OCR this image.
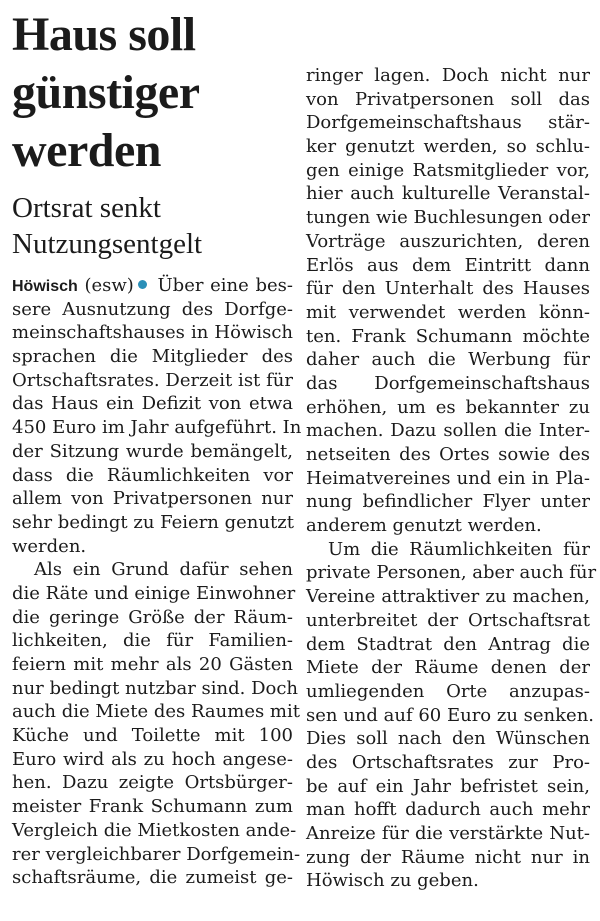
Haus soll
günstiger
werden
Ortsrat senkt
Nutzungsentgelt
Höwisch (esw) Über eine bes-
sere Ausnutzung des Dorfge-
meinschaftshauses in Höwisch
sprachen die Mitglieder des
Ortschaftsrates. Derzeit ist für
das Haus ein Defizit von etwa
450 Euro im Jahr aufgeführt. In
der Sitzung wurde bemängelt,
dass die Räumlichkeiten vor
allem von Privatpersonen nur
sehr bedingt zu Feiern genutzt
werden.
Als ein Grund dafür sehen
die Räte und einige Einwohner
die geringe Größe der Räum-
lichkeiten, die für Familien-
feiern mit mehr als 20 Gästen
nur bedingt nutzbar sind. Doch
auch die Miete des Raumes mit
Küche und Toilette mit 100
Euro wird als zu hoch angese-
hen. Dazu zeigte Ortsbürger-
meister Frank Schumann zum
Vergleich die Mietkosten ande-
rer vergleichbarer Dorfgemein-
schaftsräume, die zumeist ge-
ringer lagen. Doch nicht nur
von Privatpersonen soll das
Dorfgemeinschaftshaus stär-
ker genutzt werden, so schlu-
gen einige Ratsmitglieder vor,
hier auch kulturelle Veranstal-
tungen wie Buchlesungen oder
Vorträge auszurichten, deren
Erlös aus dem Eintritt dann
für den Unterhalt des Hauses
mit verwendet werden könn-
ten. Frank Schumann möchte
daher auch die Werbung für
das Dorfgemeinschaftshaus
erhöhen, um es bekannter zu
machen. Dazu sollen die Inter-
netseiten des Ortes sowie des
Heimatvereines und ein in Pla-
nung befindlicher Flyer unter
anderem genutzt werden.
Um die Räumlichkeiten für
private Personen, aber auch für
Vereine attraktiver zu machen,
unterbreitet der Ortschaftsrat
dem Stadtrat den Antrag die
Miete der Räume denen der
umliegenden Orte anzupas-
sen und auf 60 Euro zu senken.
Dies soll nach den Wünschen
des Ortschaftsrates zur Pro-
be auf ein Jahr befristet sein,
man hofft dadurch auch mehr
Anreize für die verstärkte Nut-
zung der Räume nicht nur in
Höwisch zu geben.
